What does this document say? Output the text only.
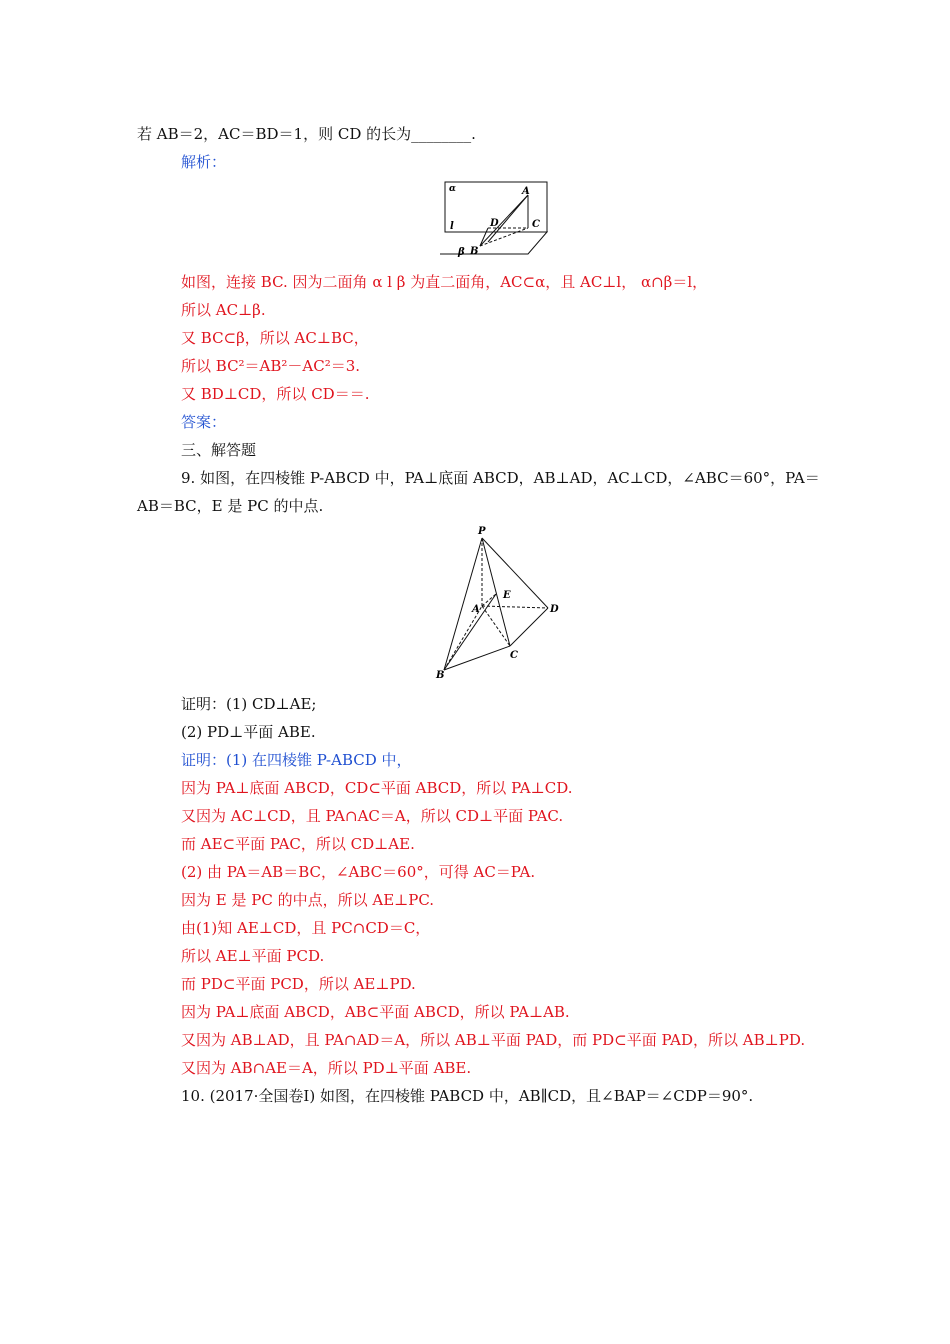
若 AB＝2，AC＝BD＝1，则 CD 的长为________.
解析：
α	A
l	D	C
β B
如图，连接 BC. 因为二面角 α l β 为直二面角，AC⊂α，且 AC⊥l， α∩β＝l，
所以 AC⊥β.
又 BC⊂β，所以 AC⊥BC，
所以 BC²＝AB²－AC²＝3.
又 BD⊥CD，所以 CD＝＝.
答案：
三、解答题
9. 如图，在四棱锥 P-ABCD 中，PA⊥底面 ABCD，AB⊥AD，AC⊥CD，∠ABC＝60°，PA＝
AB＝BC，E 是 PC 的中点.
P
E
A	D
C
B
证明：(1) CD⊥AE;
(2) PD⊥平面 ABE.
证明：(1) 在四棱锥 P-ABCD 中，
因为 PA⊥底面 ABCD，CD⊂平面 ABCD，所以 PA⊥CD.
又因为 AC⊥CD，且 PA∩AC＝A，所以 CD⊥平面 PAC.
而 AE⊂平面 PAC，所以 CD⊥AE.
(2) 由 PA＝AB＝BC，∠ABC＝60°，可得 AC＝PA.
因为 E 是 PC 的中点，所以 AE⊥PC.
由(1)知 AE⊥CD，且 PC∩CD＝C，
所以 AE⊥平面 PCD.
而 PD⊂平面 PCD，所以 AE⊥PD.
因为 PA⊥底面 ABCD，AB⊂平面 ABCD，所以 PA⊥AB.
又因为 AB⊥AD，且 PA∩AD＝A，所以 AB⊥平面 PAD，而 PD⊂平面 PAD，所以 AB⊥PD.
又因为 AB∩AE＝A，所以 PD⊥平面 ABE.
10. (2017·全国卷Ⅰ) 如图，在四棱锥 PABCD 中，AB∥CD，且∠BAP＝∠CDP＝90°.
